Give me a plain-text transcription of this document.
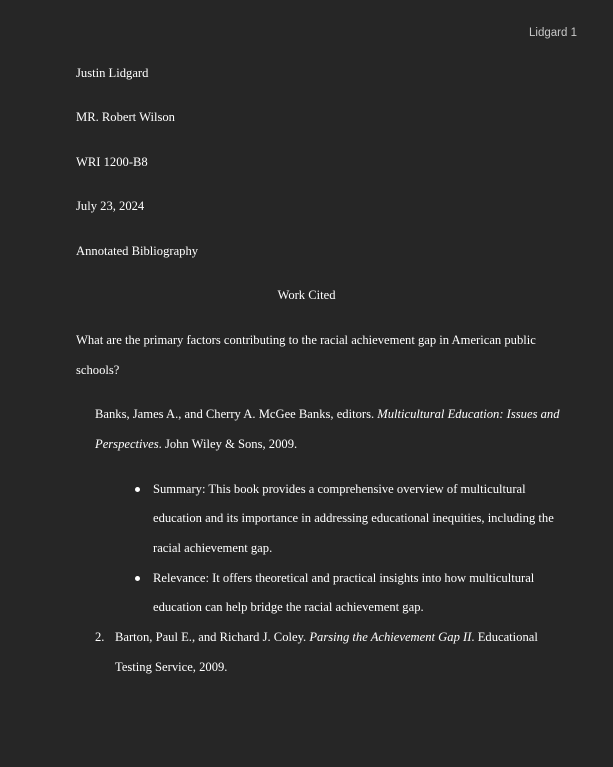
Lidgard 1
Justin Lidgard
MR. Robert Wilson
WRI 1200-B8
July 23, 2024
Annotated Bibliography
Work Cited
What are the primary factors contributing to the racial achievement gap in American public
schools?
Banks, James A., and Cherry A. McGee Banks, editors. Multicultural Education: Issues and
Perspectives. John Wiley & Sons, 2009.
Summary: This book provides a comprehensive overview of multicultural
education and its importance in addressing educational inequities, including the
racial achievement gap.
Relevance: It offers theoretical and practical insights into how multicultural
education can help bridge the racial achievement gap.
2. Barton, Paul E., and Richard J. Coley. Parsing the Achievement Gap II. Educational
Testing Service, 2009.
